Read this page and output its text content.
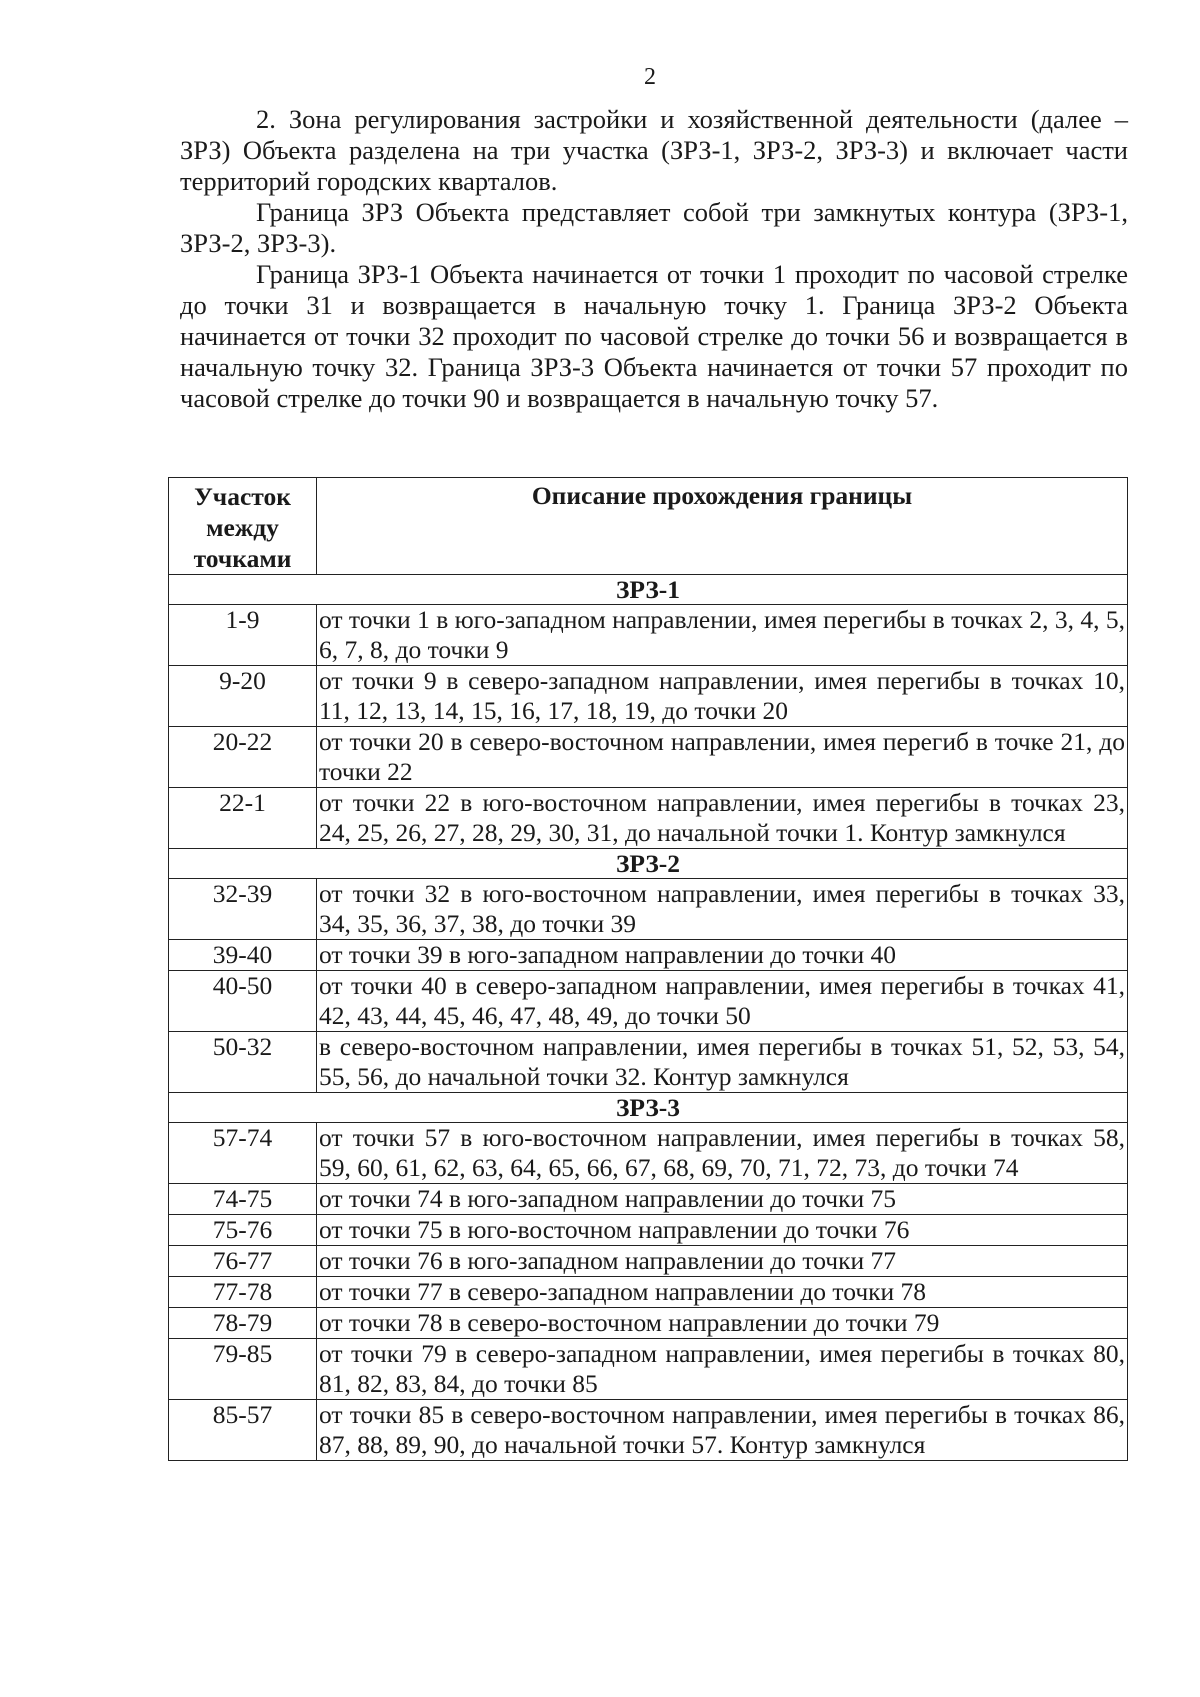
2

2. Зона регулирования застройки и хозяйственной деятельности (далее – ЗРЗ) Объекта разделена на три участка (ЗРЗ-1, ЗРЗ-2, ЗРЗ-3) и включает части территорий городских кварталов.

Граница ЗРЗ Объекта представляет собой три замкнутых контура (ЗРЗ-1, ЗРЗ-2, ЗРЗ-3).

Граница ЗРЗ-1 Объекта начинается от точки 1 проходит по часовой стрелке до точки 31 и возвращается в начальную точку 1. Граница ЗРЗ-2 Объекта начинается от точки 32 проходит по часовой стрелке до точки 56 и возвращается в начальную точку 32. Граница ЗРЗ-3 Объекта начинается от точки 57 проходит по часовой стрелке до точки 90 и возвращается в начальную точку 57.

Участок между точками	Описание прохождения границы
ЗРЗ-1	
1-9	от точки 1 в юго-западном направлении, имея перегибы в точках 2, 3, 4, 5, 6, 7, 8, до точки 9
9-20	от точки 9 в северо-западном направлении, имея перегибы в точках 10, 11, 12, 13, 14, 15, 16, 17, 18, 19, до точки 20
20-22	от точки 20 в северо-восточном направлении, имея перегиб в точке 21, до точки 22
22-1	от точки 22 в юго-восточном направлении, имея перегибы в точках 23, 24, 25, 26, 27, 28, 29, 30, 31, до начальной точки 1. Контур замкнулся
ЗРЗ-2	
32-39	от точки 32 в юго-восточном направлении, имея перегибы в точках 33, 34, 35, 36, 37, 38, до точки 39
39-40	от точки 39 в юго-западном направлении до точки 40
40-50	от точки 40 в северо-западном направлении, имея перегибы в точках 41, 42, 43, 44, 45, 46, 47, 48, 49, до точки 50
50-32	в северо-восточном направлении, имея перегибы в точках 51, 52, 53, 54, 55, 56, до начальной точки 32. Контур замкнулся
ЗРЗ-3	
57-74	от точки 57 в юго-восточном направлении, имея перегибы в точках 58, 59, 60, 61, 62, 63, 64, 65, 66, 67, 68, 69, 70, 71, 72, 73, до точки 74
74-75	от точки 74 в юго-западном направлении до точки 75
75-76	от точки 75 в юго-восточном направлении до точки 76
76-77	от точки 76 в юго-западном направлении до точки 77
77-78	от точки 77 в северо-западном направлении до точки 78
78-79	от точки 78 в северо-восточном направлении до точки 79
79-85	от точки 79 в северо-западном направлении, имея перегибы в точках 80, 81, 82, 83, 84, до точки 85
85-57	от точки 85 в северо-восточном направлении, имея перегибы в точках 86, 87, 88, 89, 90, до начальной точки 57. Контур замкнулся
